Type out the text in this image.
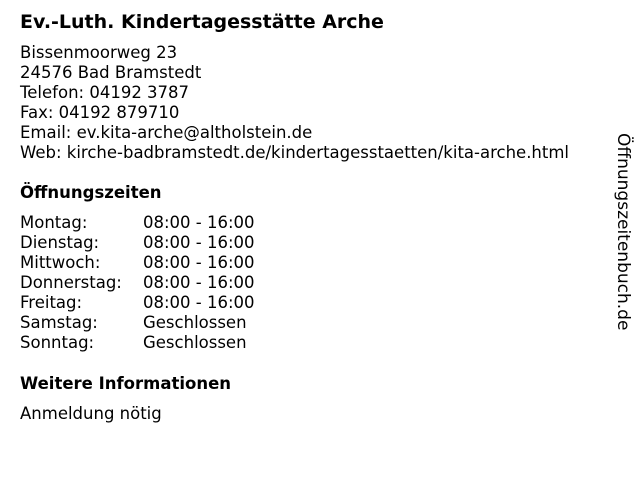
Ev.-Luth. Kindertagesstätte Arche
Bissenmoorweg 23
24576 Bad Bramstedt
Telefon: 04192 3787
Fax: 04192 879710
Email: ev.kita-arche@altholstein.de
Web: kirche-badbramstedt.de/kindertagesstaetten/kita-arche.html
Öffnungszeiten
Montag:	08:00 - 16:00
Dienstag:	08:00 - 16:00
Mittwoch:	08:00 - 16:00
Donnerstag: 08:00 - 16:00
Freitag:	08:00 - 16:00
Samstag:	Geschlossen
Sonntag:	Geschlossen
Weitere Informationen
Anmeldung nötig
Öffnungszeitenbuch.de
